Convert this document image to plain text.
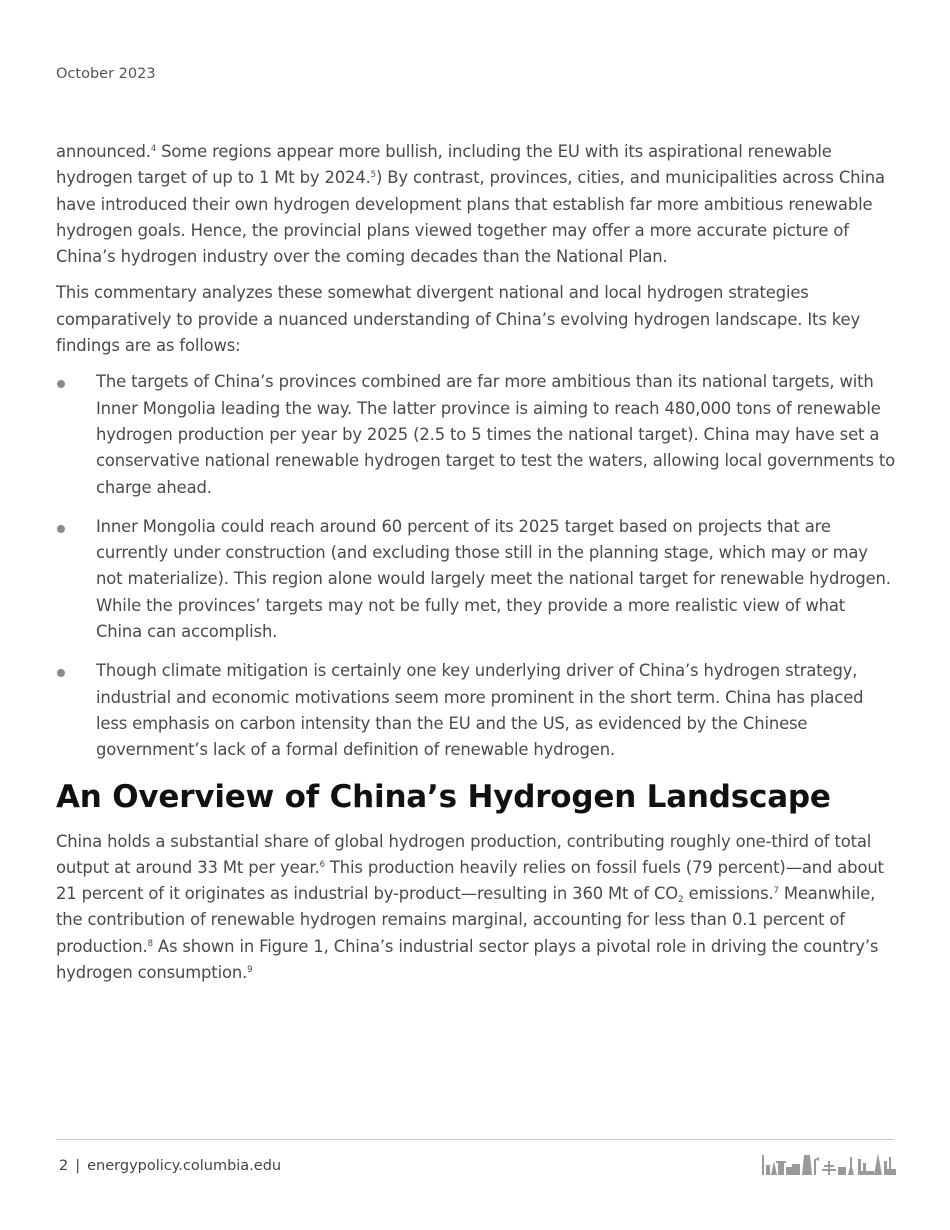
October 2023

announced.$^4$ Some regions appear more bullish, including the EU with its aspirational renewable hydrogen target of up to 1 Mt by 2024.$^5$) By contrast, provinces, cities, and municipalities across China have introduced their own hydrogen development plans that establish far more ambitious renewable hydrogen goals. Hence, the provincial plans viewed together may offer a more accurate picture of China’s hydrogen industry over the coming decades than the National Plan.

This commentary analyzes these somewhat divergent national and local hydrogen strategies comparatively to provide a nuanced understanding of China’s evolving hydrogen landscape. Its key findings are as follows:

The targets of China’s provinces combined are far more ambitious than its national targets, with Inner Mongolia leading the way. The latter province is aiming to reach 480,000 tons of renewable hydrogen production per year by 2025 (2.5 to 5 times the national target). China may have set a conservative national renewable hydrogen target to test the waters, allowing local governments to charge ahead.
Inner Mongolia could reach around 60 percent of its 2025 target based on projects that are currently under construction (and excluding those still in the planning stage, which may or may not materialize). This region alone would largely meet the national target for renewable hydrogen. While the provinces’ targets may not be fully met, they provide a more realistic view of what China can accomplish.
Though climate mitigation is certainly one key underlying driver of China’s hydrogen strategy, industrial and economic motivations seem more prominent in the short term. China has placed less emphasis on carbon intensity than the EU and the US, as evidenced by the Chinese government’s lack of a formal definition of renewable hydrogen.
An Overview of China’s Hydrogen Landscape

China holds a substantial share of global hydrogen production, contributing roughly one-third of total output at around 33 Mt per year.$^6$ This production heavily relies on fossil fuels (79 percent)—and about 21 percent of it originates as industrial by-product—resulting in 360 Mt of $CO_2$ emissions.$^7$ Meanwhile, the contribution of renewable hydrogen remains marginal, accounting for less than 0.1 percent of production.$^8$ As shown in Figure 1, China’s industrial sector plays a pivotal role in driving the country’s hydrogen consumption.$^9$

2 | energypolicy.columbia.edu
